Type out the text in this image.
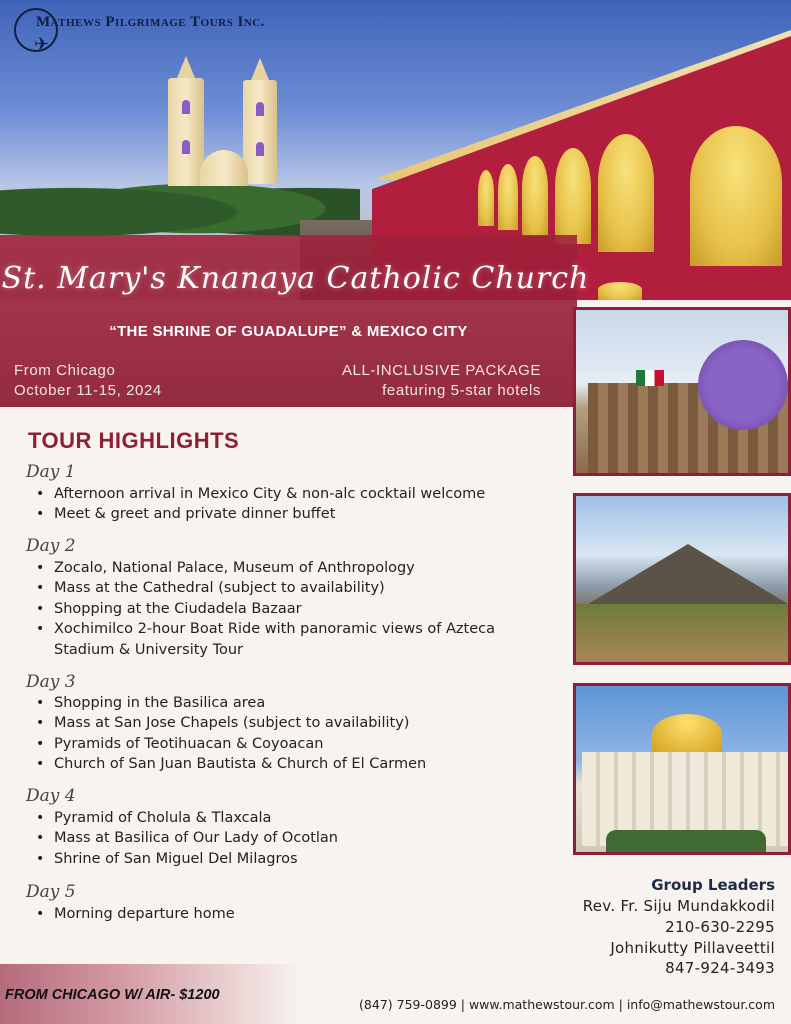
✈
Mathews Pilgrimage Tours Inc.
St. Mary's Knanaya Catholic Church
“THE SHRINE OF GUADALUPE” & MEXICO CITY
From Chicago
October 11-15, 2024
ALL-INCLUSIVE PACKAGE
featuring 5-star hotels
TOUR HIGHLIGHTS
Day 1
• Afternoon arrival in Mexico City & non-alc cocktail welcome
• Meet & greet and private dinner buffet
Day 2
• Zocalo, National Palace, Museum of Anthropology
• Mass at the Cathedral (subject to availability)
• Shopping at the Ciudadela Bazaar
• Xochimilco 2-hour Boat Ride with panoramic views of Azteca
Stadium & University Tour
Day 3
• Shopping in the Basilica area
• Mass at San Jose Chapels (subject to availability)
• Pyramids of Teotihuacan & Coyoacan
• Church of San Juan Bautista & Church of El Carmen
Day 4
• Pyramid of Cholula & Tlaxcala
• Mass at Basilica of Our Lady of Ocotlan
• Shrine of San Miguel Del Milagros
Day 5
• Morning departure home
Group Leaders
Rev. Fr. Siju Mundakkodil
210-630-2295
Johnikutty Pillaveettil
847-924-3493
FROM CHICAGO W/ AIR- $1200
(847) 759-0899 | www.mathewstour.com | info@mathewstour.com
